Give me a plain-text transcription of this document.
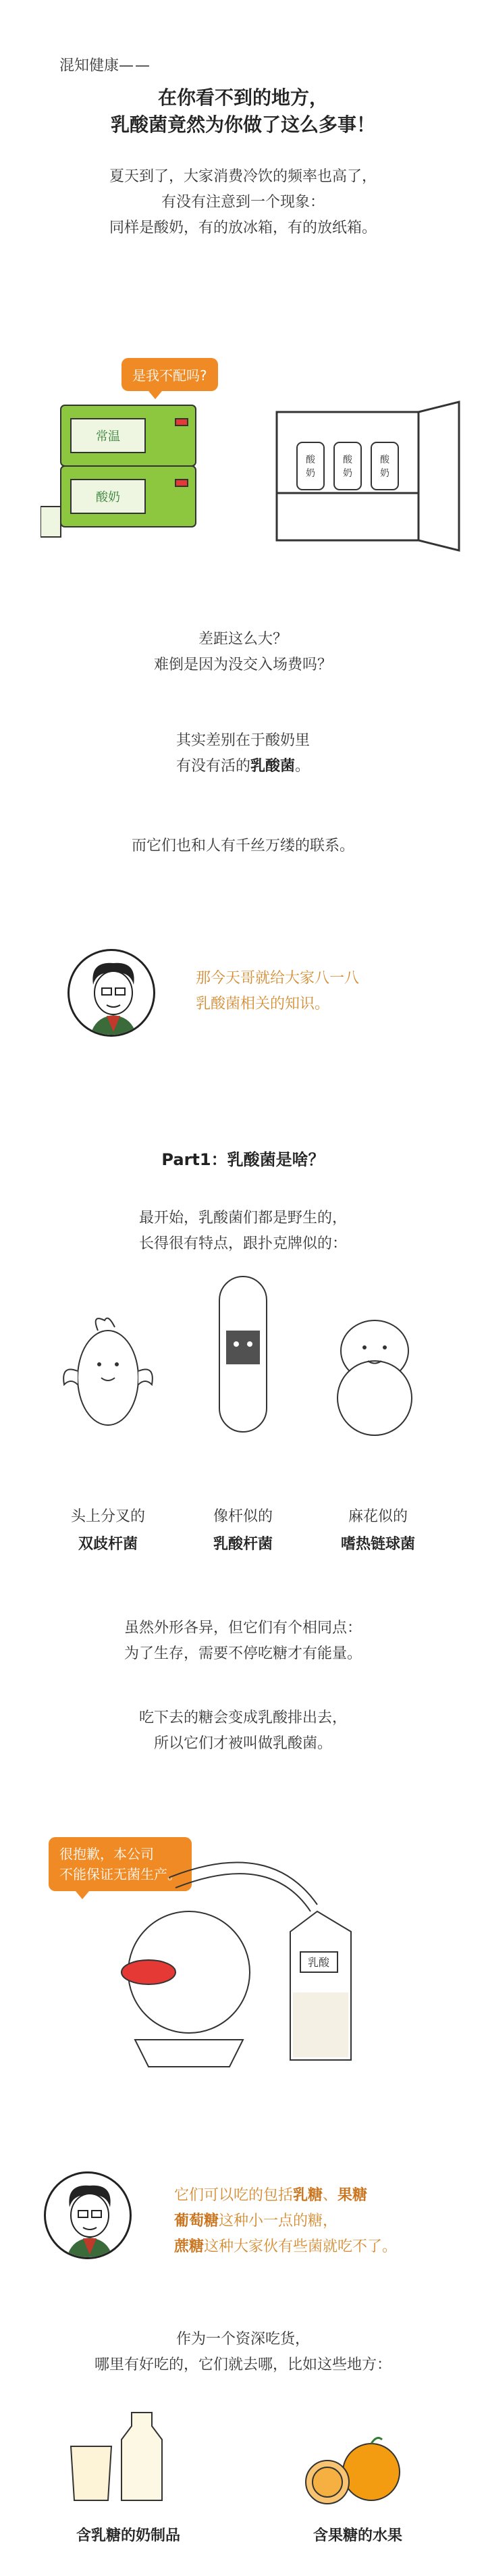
混知健康——
在你看不到的地方，
乳酸菌竟然为你做了这么多事！
夏天到了，大家消费冷饮的频率也高了，
有没有注意到一个现象：
同样是酸奶，有的放冰箱，有的放纸箱。
是我不配吗?
常温
酸奶
酸
奶
酸
奶
酸
奶
差距这么大？
难倒是因为没交入场费吗？
其实差别在于酸奶里
有没有活的乳酸菌。
而它们也和人有千丝万缕的联系。
那今天哥就给大家八一八
乳酸菌相关的知识。
Part1：乳酸菌是啥？
最开始，乳酸菌们都是野生的，
长得很有特点，跟扑克牌似的：
头上分叉的
双歧杆菌
像杆似的
乳酸杆菌
麻花似的
嗜热链球菌
虽然外形各异，但它们有个相同点：
为了生存，需要不停吃糖才有能量。
吃下去的糖会变成乳酸排出去，
所以它们才被叫做乳酸菌。
很抱歉，本公司
不能保证无菌生产。
乳酸
它们可以吃的包括乳糖、果糖
葡萄糖这种小一点的糖，
蔗糖这种大家伙有些菌就吃不了。
作为一个资深吃货，
哪里有好吃的，它们就去哪，比如这些地方：
含乳糖的奶制品	含果糖的水果
